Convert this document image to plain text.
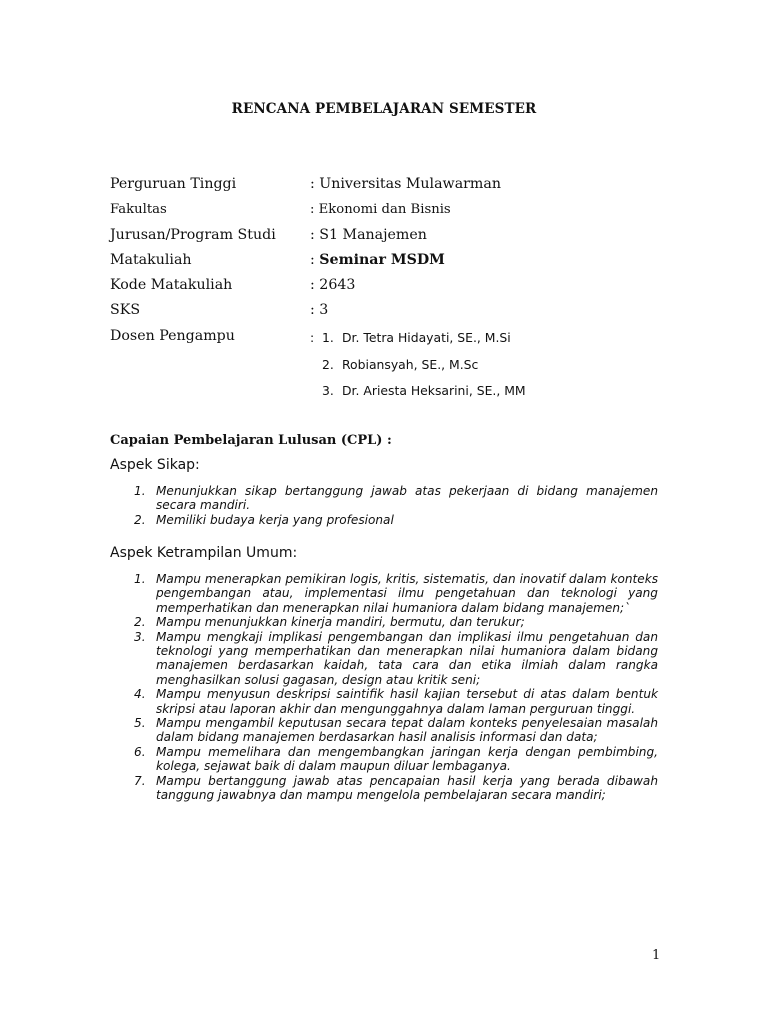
RENCANA PEMBELAJARAN SEMESTER
Perguruan Tinggi	: Universitas Mulawarman
Fakultas	: Ekonomi dan Bisnis
Jurusan/Program Studi : S1 Manajemen
Matakuliah	: Seminar MSDM
Kode Matakuliah	: 2643
SKS	: 3
Dosen Pengampu	: 1. Dr. Tetra Hidayati, SE., M.Si
2. Robiansyah, SE., M.Sc
3. Dr. Ariesta Heksarini, SE., MM
Capaian Pembelajaran Lulusan (CPL) :
Aspek Sikap:
1. Menunjukkan sikap bertanggung jawab atas pekerjaan di bidang manajemen secara mandiri.
2. Memiliki budaya kerja yang profesional
Aspek Ketrampilan Umum:
1. Mampu menerapkan pemikiran logis, kritis, sistematis, dan inovatif dalam konteks pengembangan atau, implementasi ilmu pengetahuan dan teknologi yang memperhatikan dan menerapkan nilai humaniora dalam bidang manajemen;`
2. Mampu menunjukkan kinerja mandiri, bermutu, dan terukur;
3. Mampu mengkaji implikasi pengembangan dan implikasi ilmu pengetahuan dan teknologi yang memperhatikan dan menerapkan nilai humaniora dalam bidang manajemen berdasarkan kaidah, tata cara dan etika ilmiah dalam rangka menghasilkan solusi gagasan, design atau kritik seni;
4. Mampu menyusun deskripsi saintifik hasil kajian tersebut di atas dalam bentuk skripsi atau laporan akhir dan mengunggahnya dalam laman perguruan tinggi.
5. Mampu mengambil keputusan secara tepat dalam konteks penyelesaian masalah dalam bidang manajemen berdasarkan hasil analisis informasi dan data;
6. Mampu memelihara dan mengembangkan jaringan kerja dengan pembimbing, kolega, sejawat baik di dalam maupun diluar lembaganya.
7. Mampu bertanggung jawab atas pencapaian hasil kerja yang berada dibawah tanggung jawabnya dan mampu mengelola pembelajaran secara mandiri;
1
